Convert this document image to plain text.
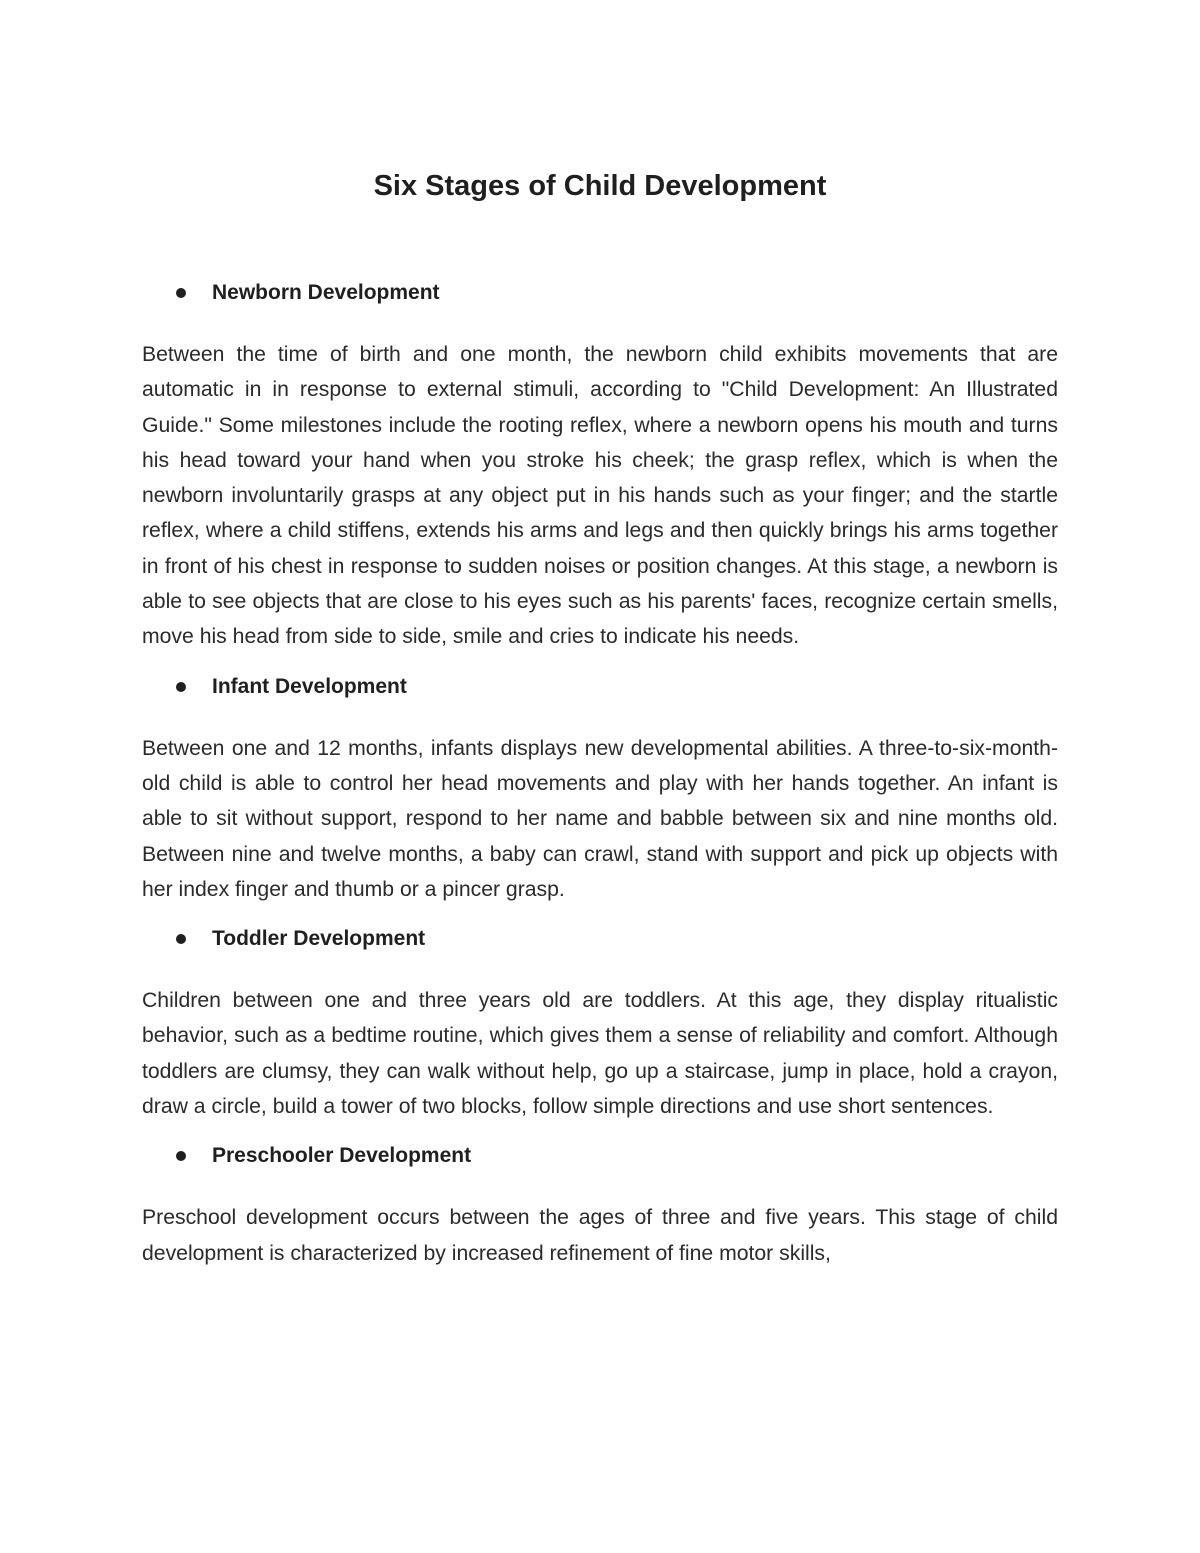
Six Stages of Child Development
Newborn Development

Between the time of birth and one month, the newborn child exhibits movements that are automatic in in response to external stimuli, according to "Child Development: An Illustrated Guide." Some milestones include the rooting reflex, where a newborn opens his mouth and turns his head toward your hand when you stroke his cheek; the grasp reflex, which is when the newborn involuntarily grasps at any object put in his hands such as your finger; and the startle reflex, where a child stiffens, extends his arms and legs and then quickly brings his arms together in front of his chest in response to sudden noises or position changes. At this stage, a newborn is able to see objects that are close to his eyes such as his parents' faces, recognize certain smells, move his head from side to side, smile and cries to indicate his needs.

Infant Development

Between one and 12 months, infants displays new developmental abilities. A three-to-six-month-old child is able to control her head movements and play with her hands together. An infant is able to sit without support, respond to her name and babble between six and nine months old. Between nine and twelve months, a baby can crawl, stand with support and pick up objects with her index finger and thumb or a pincer grasp.

Toddler Development

Children between one and three years old are toddlers. At this age, they display ritualistic behavior, such as a bedtime routine, which gives them a sense of reliability and comfort. Although toddlers are clumsy, they can walk without help, go up a staircase, jump in place, hold a crayon, draw a circle, build a tower of two blocks, follow simple directions and use short sentences.

Preschooler Development

Preschool development occurs between the ages of three and five years. This stage of child development is characterized by increased refinement of fine motor skills,
